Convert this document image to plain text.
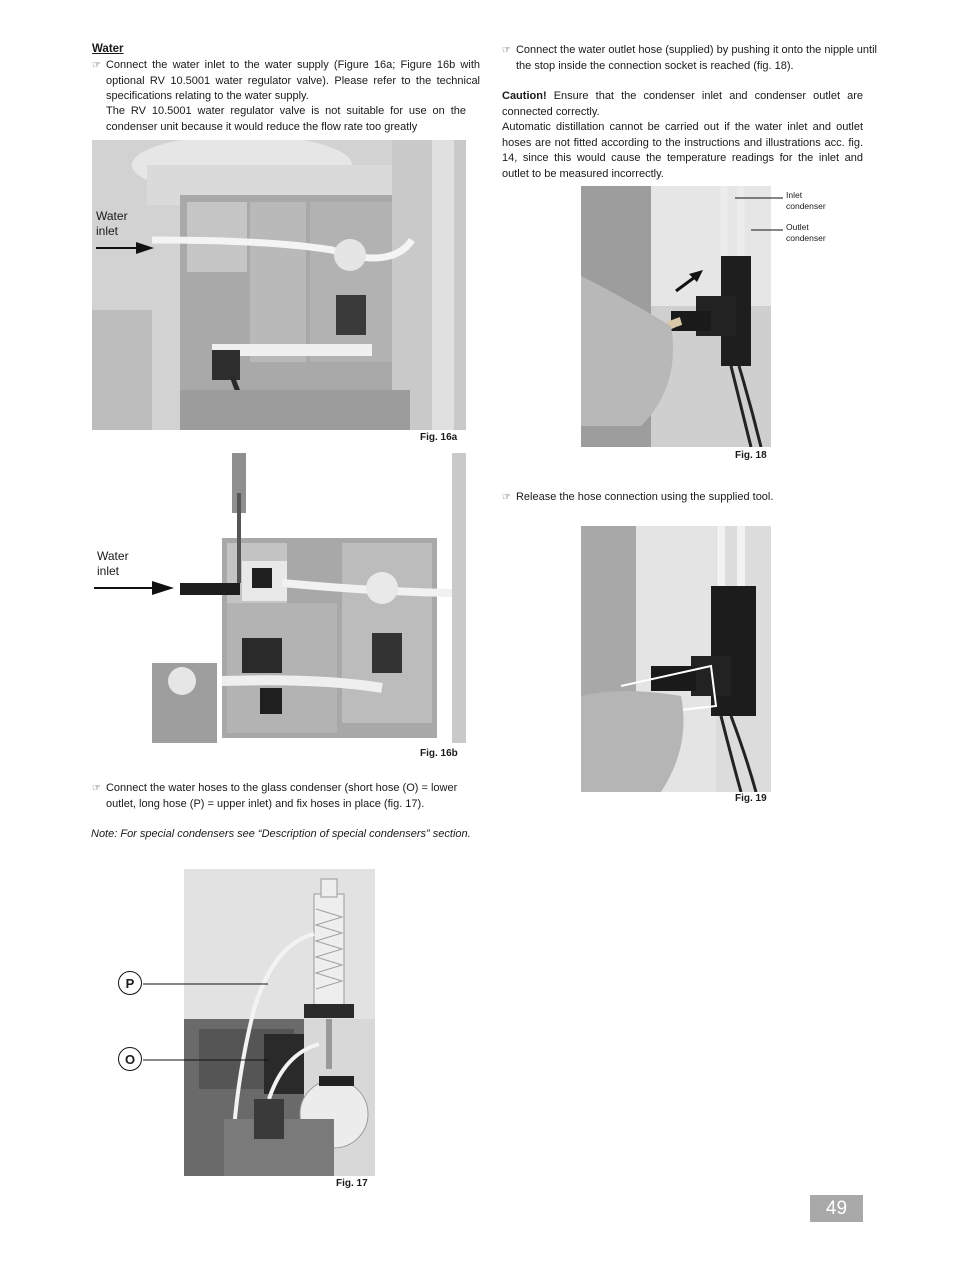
Water
☞ Connect the water inlet to the water supply (Figure 16a; Figure 16b with optional RV 10.5001 water regulator valve). Please refer to the technical specifications relating to the water supply.
The RV 10.5001 water regulator valve is not suitable for use on the condenser unit because it would reduce the flow rate too greatly
Water
inlet
Fig. 16a
Water
inlet
Fig. 16b
☞ Connect the water hoses to the glass condenser (short hose (O) = lower outlet, long hose (P) = upper inlet) and fix hoses in place (fig. 17).
Note: For special condensers see “Description of special condensers” section.
P
O
Fig. 17
☞ Connect the water outlet hose (supplied) by pushing it onto the nipple until the stop inside the connection socket is reached (fig. 18).
Caution! Ensure that the condenser inlet and condenser outlet are connected correctly.
Automatic distillation cannot be carried out if the water inlet and outlet hoses are not fitted according to the instructions and illustrations acc. fig. 14, since this would cause the temperature readings for the inlet and outlet to be measured incorrectly.
Inlet
condenser
Outlet
condenser
Fig. 18
☞ Release the hose connection using the supplied tool.
Fig. 19
49
